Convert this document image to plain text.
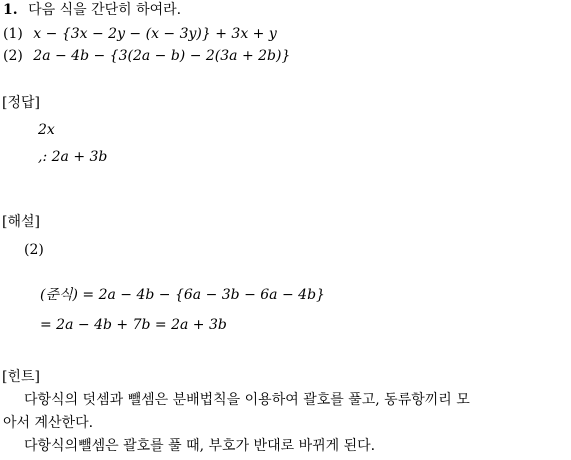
1. 다음 식을 간단히 하여라.
(1) x − {3x − 2y − (x − 3y)} + 3x + y
(2) 2a − 4b − {3(2a − b) − 2(3a + 2b)}
[정답]
2x
,: 2a + 3b
[해설]
(2)
(준식) = 2a − 4b − {6a − 3b − 6a − 4b}
= 2a − 4b + 7b = 2a + 3b
[힌트]
다항식의 덧셈과 뺄셈은 분배법칙을 이용하여 괄호를 풀고, 동류항끼리 모
아서 계산한다.
다항식의뺄셈은 괄호를 풀 때, 부호가 반대로 바뀌게 된다.
